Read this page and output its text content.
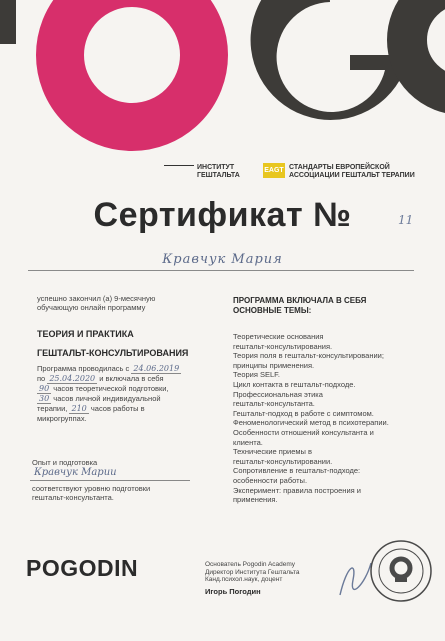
ИНСТИТУТ
ГЕШТАЛЬТА
EAGT СТАНДАРТЫ ЕВРОПЕЙСКОЙ
АССОЦИАЦИИ ГЕШТАЛЬТ ТЕРАПИИ
Сертификат №	11
Кравчук Мария
успешно закончил (а) 9-месячную
обучающую онлайн программу
ТЕОРИЯ И ПРАКТИКА
ГЕШТАЛЬТ-КОНСУЛЬТИРОВАНИЯ
Программа проводилась с 24.06.2019
по 25.04.2020 и включала в себя
90 часов теоретической подготовки,
30 часов личной индивидуальной
терапии, 210 часов работы в
микрогруппах.
Опыт и подготовка
Кравчук Марии
соответствуют уровню подготовки
гештальт-консультанта.
ПРОГРАММА ВКЛЮЧАЛА В СЕБЯ
ОСНОВНЫЕ ТЕМЫ:
Теоретические основания
гештальт-консультирования.
Теория поля в гештальт-консультировании;
принципы применения.
Теория SELF.
Цикл контакта в гештальт-подходе.
Профессиональная этика
гештальт-консультанта.
Гештальт-подход в работе с симптомом.
Феноменологический метод в психотерапии.
Особенности отношений консультанта и
клиента.
Технические приемы в
гештальт-консультировании.
Сопротивление в гештальт-подходе:
особенности работы.
Эксперимент: правила построения и
применения.
POGODIN	Основатель Pogodin Academy
Директор Института Гештальта
Канд.психол.наук, доцент
Игорь Погодин
